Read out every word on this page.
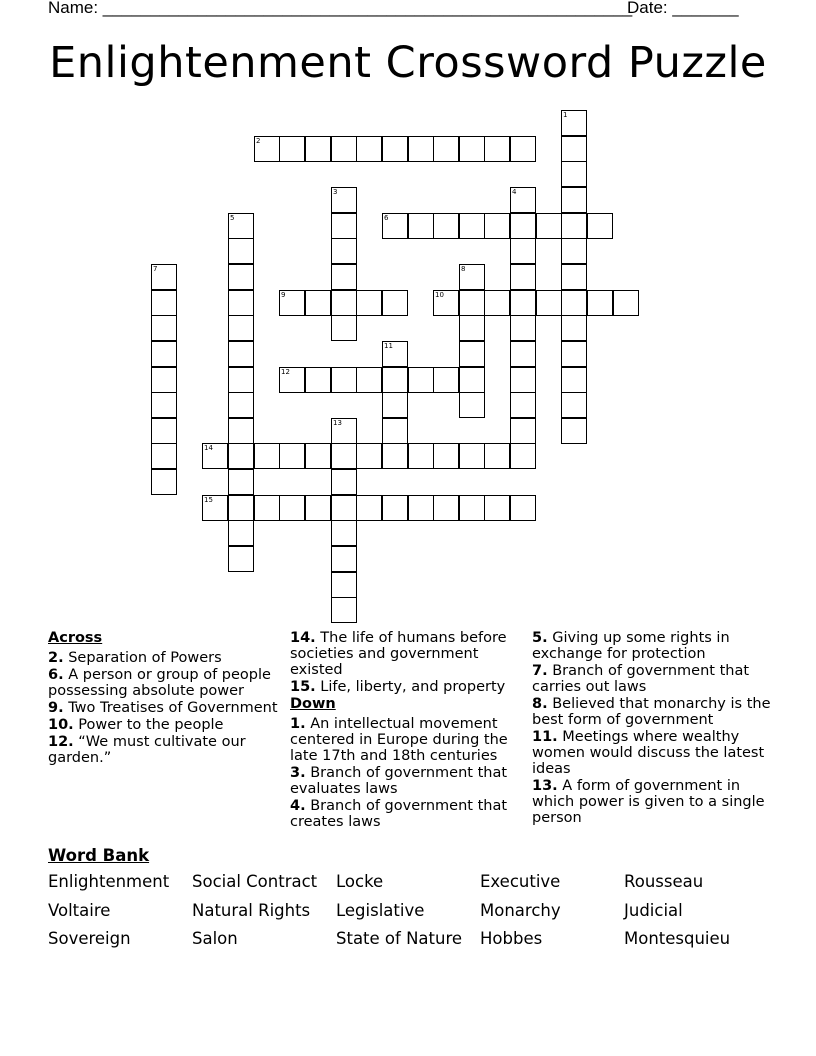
Name: ________________________________________________________
Date: _______
Enlightenment Crossword Puzzle
2
6
9	10
12
14
15
1
3	4
5
7	8
11
13

Across

2. Separation of Powers

6. A person or group of people possessing absolute power

9. Two Treatises of Government

10. Power to the people

12. “We must cultivate our garden.”

14. The life of humans before societies and government existed

15. Life, liberty, and property

Down

1. An intellectual movement centered in Europe during the late 17th and 18th centuries

3. Branch of government that evaluates laws

4. Branch of government that creates laws

5. Giving up some rights in exchange for protection

7. Branch of government that carries out laws

8. Believed that monarchy is the best form of government

11. Meetings where wealthy women would discuss the latest ideas

13. A form of government in which power is given to a single person

Word Bank
Enlightenment	Social Contract	Locke	Executive	Rousseau
Voltaire	Natural Rights	Legislative	Monarchy	Judicial
Sovereign	Salon	State of Nature	Hobbes	Montesquieu
